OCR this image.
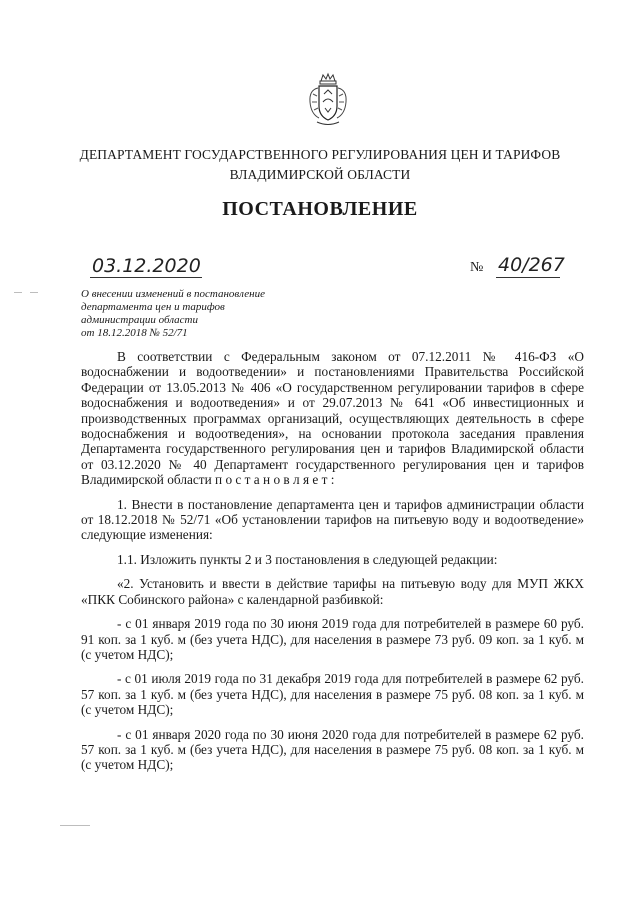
ДЕПАРТАМЕНТ ГОСУДАРСТВЕННОГО РЕГУЛИРОВАНИЯ ЦЕН И ТАРИФОВ
ВЛАДИМИРСКОЙ ОБЛАСТИ
ПОСТАНОВЛЕНИЕ
03.12.2020	№ 40/267
О внесении изменений в постановление
департамента цен и тарифов
администрации области
от 18.12.2018 № 52/71

В соответствии с Федеральным законом от 07.12.2011 № 416-ФЗ «О водоснабжении и водоотведении» и постановлениями Правительства Российской Федерации от 13.05.2013 № 406 «О государственном регулировании тарифов в сфере водоснабжения и водоотведения» и от 29.07.2013 № 641 «Об инвестиционных и производственных программах организаций, осуществляющих деятельность в сфере водоснабжения и водоотведения», на основании протокола заседания правления Департамента государственного регулирования цен и тарифов Владимирской области от 03.12.2020 № 40 Департамент государственного регулирования цен и тарифов Владимирской области п о с т а н о в л я е т :

1. Внести в постановление департамента цен и тарифов администрации области от 18.12.2018 № 52/71 «Об установлении тарифов на питьевую воду и водоотведение» следующие изменения:

1.1. Изложить пункты 2 и 3 постановления в следующей редакции:

«2. Установить и ввести в действие тарифы на питьевую воду для МУП ЖКХ «ПКК Собинского района» с календарной разбивкой:

- с 01 января 2019 года по 30 июня 2019 года для потребителей в размере 60 руб. 91 коп. за 1 куб. м (без учета НДС), для населения в размере 73 руб. 09 коп. за 1 куб. м (с учетом НДС);

- с 01 июля 2019 года по 31 декабря 2019 года для потребителей в размере 62 руб. 57 коп. за 1 куб. м (без учета НДС), для населения в размере 75 руб. 08 коп. за 1 куб. м (с учетом НДС);

- с 01 января 2020 года по 30 июня 2020 года для потребителей в размере 62 руб. 57 коп. за 1 куб. м (без учета НДС), для населения в размере 75 руб. 08 коп. за 1 куб. м (с учетом НДС);
